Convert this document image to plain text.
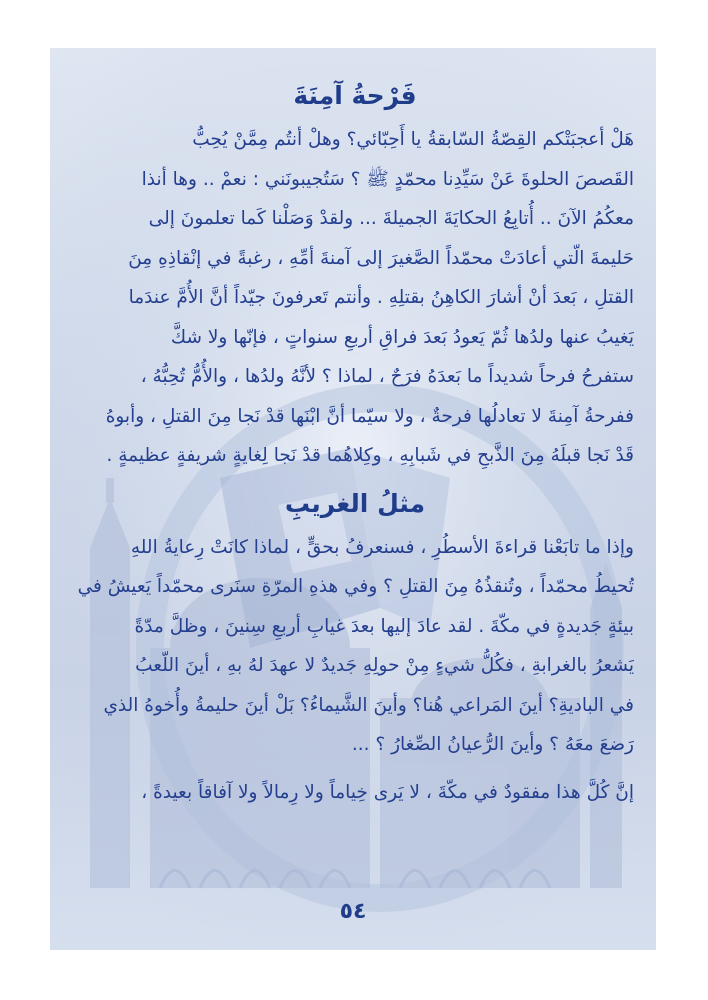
فَرْحةُ آمِنَةَ

هَلْ أعجبَتْكم القِصّةُ السّابقةُ يا أَحِبّائي؟ وهلْ أنتُم مِمَّنْ يُحِبُّ
القَصصَ الحلوةَ عَنْ سَيِّدِنا محمّدٍ ﷺ ؟ سَتُجيبونَني : نعمْ .. وها أنذا
معكُمُ الآنَ .. أُتابِعُ الحكايَةَ الجميلةَ ... ولقدْ وَصَلْنا كَما تعلمونَ إلى
حَليمةَ الّتي أعادَتْ محمّداً الصَّغيرَ إلى آمنةَ أمِّهِ ، رغبةً في إنْقاذِهِ مِنَ
القتلِ ، بَعدَ أنْ أشارَ الكاهِنُ بقتلِهِ . وأنتم تَعرفونَ جيّداً أنَّ الأُمَّ عندَما
يَغيبُ عنها ولدُها ثُمّ يَعودُ بَعدَ فراقِ أربعِ سنواتٍ ، فإنّها ولا شكَّ
ستفرحُ فرحاً شديداً ما بَعدَهُ فرَحٌ ، لماذا ؟ لأنَّهُ ولدُها ، والأُمُّ تُحِبُّهُ ،
ففرحةُ آمِنةَ لا تعادلُها فرحةٌ ، ولا سيّما أنَّ ابْنَها قدْ نَجا مِنَ القتلِ ، وأبوهُ
قَدْ نَجا قبلَهُ مِنَ الذَّبحِ في شَبابِهِ ، وكِلاهُما قدْ نَجا لِغايةٍ شريفةٍ عظيمةٍ .

مثلُ الغريبِ

وإذا ما تابَعْنا قراءةَ الأسطُرِ ، فسنعرفُ بحقٍّ ، لماذا كانَتْ رِعايةُ اللهِ
تُحيطُ محمّداً ، وتُنقذُهُ مِنَ القتلِ ؟ وفي هذهِ المرّةِ سنَرى محمّداً يَعيشُ في
بيئةٍ جَديدةٍ في مكّةَ . لقد عادَ إليها بعدَ غيابِ أربعِ سِنينَ ، وظلَّ مدّةً
يَشعرُ بالغرابةِ ، فكُلُّ شيءٍ مِنْ حولِهِ جَديدٌ لا عهدَ لهُ بهِ ، أينَ اللّعبُ
في الباديةِ؟ أينَ المَراعي هُنا؟ وأينَ الشَّيماءُ؟ بَلْ أينَ حليمةُ وأُخوهُ الذي
رَضعَ معَهُ ؟ وأينَ الرُّعيانُ الصِّغارُ ؟ ...

إنَّ كُلَّ هذا مفقودٌ في مكّةَ ، لا يَرى خِياماً ولا رِمالاً ولا آفاقاً بعيدةً ،

٥٤
